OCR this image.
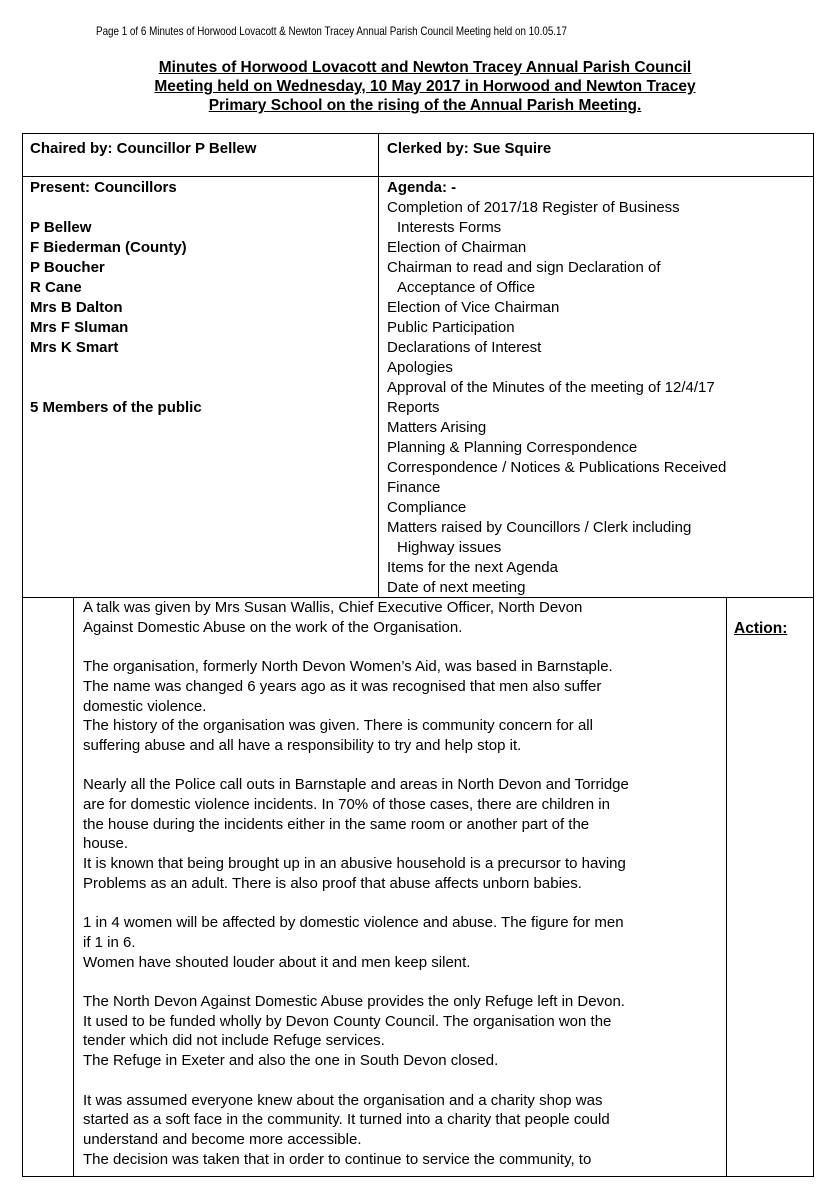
Page 1 of 6 Minutes of Horwood Lovacott & Newton Tracey Annual Parish Council Meeting held on 10.05.17
Minutes of Horwood Lovacott and Newton Tracey Annual Parish Council
Meeting held on Wednesday, 10 May 2017 in Horwood and Newton Tracey
Primary School on the rising of the Annual Parish Meeting.
Chaired by: Councillor P Bellew	Clerked by: Sue Squire
Present: Councillors
P Bellew
F Biederman (County)
P Boucher
R Cane
Mrs B Dalton
Mrs F Sluman
Mrs K Smart
5 Members of the public
Agenda: -
Completion of 2017/18 Register of Business
Interests Forms
Election of Chairman
Chairman to read and sign Declaration of
Acceptance of Office
Election of Vice Chairman
Public Participation
Declarations of Interest
Apologies
Approval of the Minutes of the meeting of 12/4/17
Reports
Matters Arising
Planning & Planning Correspondence
Correspondence / Notices & Publications Received
Finance
Compliance
Matters raised by Councillors / Clerk including
Highway issues
Items for the next Agenda
Date of next meeting
Action:

A talk was given by Mrs Susan Wallis, Chief Executive Officer, North Devon
Against Domestic Abuse on the work of the Organisation.

The organisation, formerly North Devon Women’s Aid, was based in Barnstaple.
The name was changed 6 years ago as it was recognised that men also suffer
domestic violence.
The history of the organisation was given. There is community concern for all
suffering abuse and all have a responsibility to try and help stop it.

Nearly all the Police call outs in Barnstaple and areas in North Devon and Torridge
are for domestic violence incidents. In 70% of those cases, there are children in
the house during the incidents either in the same room or another part of the
house.
It is known that being brought up in an abusive household is a precursor to having
Problems as an adult. There is also proof that abuse affects unborn babies.

1 in 4 women will be affected by domestic violence and abuse. The figure for men
if 1 in 6.
Women have shouted louder about it and men keep silent.

The North Devon Against Domestic Abuse provides the only Refuge left in Devon.
It used to be funded wholly by Devon County Council. The organisation won the
tender which did not include Refuge services.
The Refuge in Exeter and also the one in South Devon closed.

It was assumed everyone knew about the organisation and a charity shop was
started as a soft face in the community. It turned into a charity that people could
understand and become more accessible.
The decision was taken that in order to continue to service the community, to
